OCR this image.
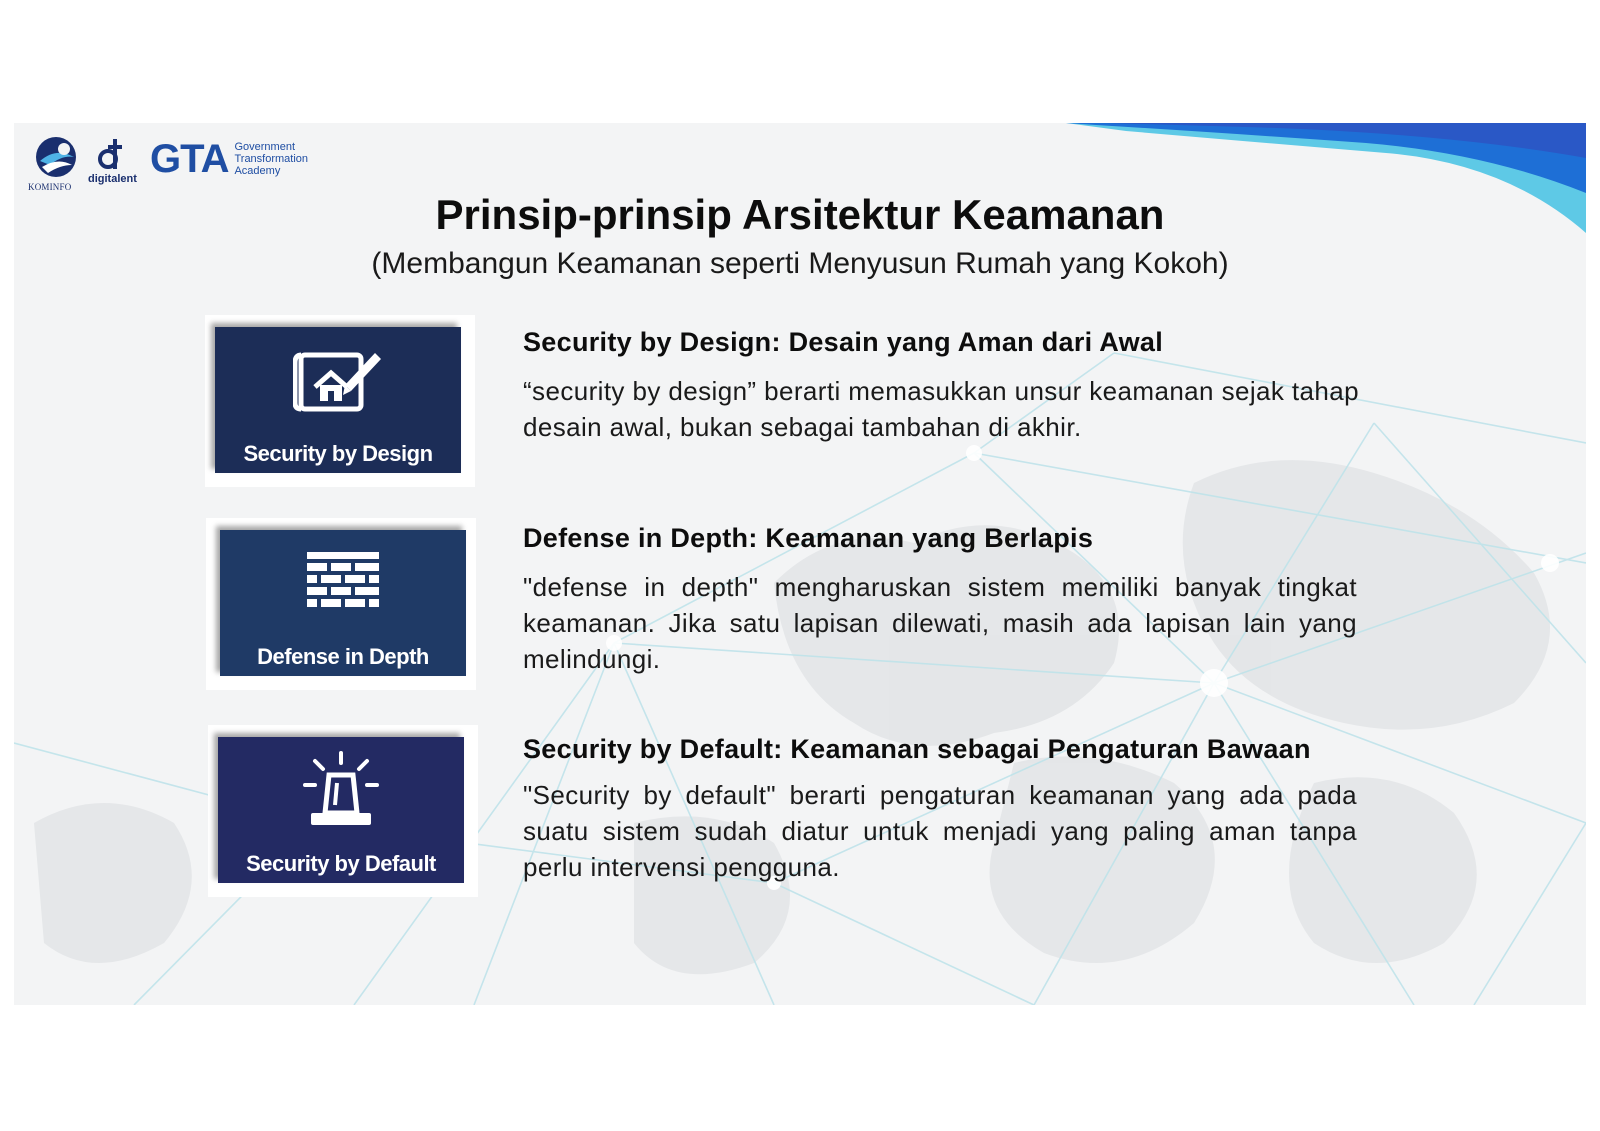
KOMINFO
digitalent GTA Government
Transformation
Academy
Prinsip-prinsip Arsitektur Keamanan
(Membangun Keamanan seperti Menyusun Rumah yang Kokoh)
Security by Design
Security by Design: Desain yang Aman dari Awal
“security by design” berarti memasukkan unsur keamanan sejak tahap desain awal, bukan sebagai tambahan di akhir.
Defense in Depth
Defense in Depth: Keamanan yang Berlapis
"defense in depth" mengharuskan sistem memiliki banyak tingkat keamanan. Jika satu lapisan dilewati, masih ada lapisan lain yang melindungi.
Security by Default
Security by Default: Keamanan sebagai Pengaturan Bawaan
"Security by default" berarti pengaturan keamanan yang ada pada suatu sistem sudah diatur untuk menjadi yang paling aman tanpa perlu intervensi pengguna.
